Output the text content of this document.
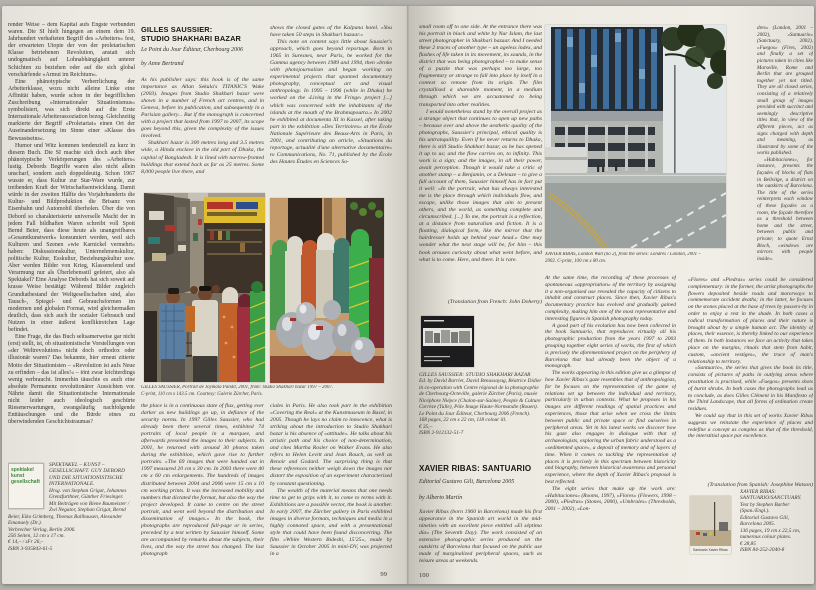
render Weise – dem Kapital aufs Engste verbunden waren. Die SI hielt hingegen an einem dem 19. Jahrhundert verhafteten Begriff des »Arbeiters« fest, der erwarteten Utopie der von der proletarischen Klasse betriebenen Revolution, anstatt sich undogmatisch auf Lohnabhängigkeit unterer Schichten zu beziehen oder auf die sich global verschärfende »Armut im Reichtum«.

Eine phänotypische Verherrlichung der Arbeiterklasse, wozu nicht alleine Linke eine Affinität haben, wurde schon in der begrifflichen Zuschreibung »Internationaler Situationismus« symbolisiert, was sich direkt auf die Erste Internationale Arbeiterassoziation bezog. Gleichzeitig markierte der Begriff »Proletariat« einen Ort der Auseinandersetzung im Sinne einer »Klasse des Bewusstseins«.

Humor und Witz kommen tendenziell zu kurz in diesem Buch. Die SI machte sich doch auch über phänotypische Verkörperungen des »Arbeiters« lustig. Debords Begriffe waren also nicht allein unscharf, sondern auch doppeldeutig. Schon 1967 wusste er, dass Kultur zur Star-Ware wurde, zur treibenden Kraft der Wirtschaftsentwicklung. Damit würde in der zweiten Hälfte des Vorjahrhunderts die Kultur- und Bildproduktion die Brisanz von Eisenbahn und Automobil überholen. Über die von Debord so charakterisierte universelle Macht der in jedem Fall bildhaften Waren schreibt voll Spott Bernd Beier, dass diese heute als unangreifbares »Gesamtkunstwerk« konsumiert werden, weil sich Kulturen und Szenen »wie Karnickel vermehrt« haben: Diskussionskultur, Unternehmenskultur, politische Kultur, Esskultur, Beziehungskultur usw. Aber werden Bilder von Krieg, Klassenelend und Verarmung nur als Überlebensstil gefeiert, also als Spektakel? Eine Analyse Debords hat sich soweit auf krasse Weise bestätigt: Während Bilder zugleich Grundtatbestand der Weltgesellschaften sind, also Tausch-, Spiegel- und Gebrauchsformen im modernen und globalen Format, wird gleichermaßen deutlich, dass sich auch ihr sozialer Gebrauch und Nutzen in einer äußerst konfliktreichen Lage befindet.

Eine Frage, die das Buch seltsamerweise gar nicht (erst) stellt, ist, ob situationistische Vorstellungen von »der Weltrevolution« nicht doch orthodox oder illusionär waren? Das bekannte, hier erneut zitierte Motto der Situationisten – »Revolution ist aufs Neue zu erfinden – das ist alles!« – tönt zwar leichterdings wenig verbraucht. Immerhin täuschte es auch eine absolute Permanenz revolutionärer Aussichten vor. Nährte damit die Situationistische Internationale nicht leider auch ideologisch geschürte Riesenerwartungen, zwangsläufig nachfolgende Enttäuschungen und die Bürde eines zu überwindenden Geschichtstraumas?

spektakel
kunst
gesellschaft
SPEKTAKEL – KUNST – GESELLSCHAFT. GUY DEBORD UND DIE SITUATIONISTISCHE INTERNATIONALE.
Hrsg. von Stephan Grigat, Johannes Grenzfurthner, Günther Friesinger.
Mit Beiträgen von Biene Baumeister / Zwi Negator, Stephan Grigat, Bernd Beier, Eiko Grimberg, Thomas Ballhausen, Alexander Emanuely (Dr.).
Verbrecher Verlag, Berlin 2006.
256 Seiten, 12 cm x 17 cm.
€ 14,– / sFr 26,–
ISBN 3-935843-61-5
GILLES SAUSSIER:
STUDIO SHAKHARI BAZAR
Le Point du Jour Éditeur, Cherbourg 2006
by Anne Bertrand

As his publisher says: this book is of the same importance as Allan Sekula's TITANIC'S Wake (2003). Images from Studio Shakhari bazar were shown in a number of French art centres, and in Geneva, before its publication, and subsequently in a Parisian gallery... But if the monograph is concerned with a project that lasted from 1997 to 2007, its scope goes beyond this, given the complexity of the issues involved.

Shakhari bazar is 300 metres long and 3.5 metres wide, a Hindu enclave in the old part of Dhaka, the capital of Bangladesh. It is lined with narrow-fronted buildings that extend back as far as 25 metres. Some 8,000 people live there, and

GILLES SAUSSIER, Portrait de Joymala Pandit, 2001, from: Studio Shakhari bazar 1997 – 2007.
C-print, 110 cm x 143.5 cm. Courtesy: Galerie Zürcher, Paris.

the place is in a continuous state of flux, getting ever darker as new buildings go up, in defiance of the security norms. In 1997 Gilles Saussier, who had already been there several times, exhibited 74 portraits of local people in a marquee, and afterwards presented the images to their subjects. In 2001, he returned with around 30 photos taken during the exhibition, which gave rise to further portraits. »The 69 images that were handed out in 1997 measured 20 cm x 30 cm. In 2003 there were 40 cm x 60 cm enlargements. The hundreds of images distributed between 2004 and 2006 were 15 cm x 10 cm working prints. It was the increased mobility and numbers that dictated the format, but also the way the project developed. It came to centre on the street portrait, and went well beyond the distribution and dissemination of images.« In the book, the photographs are reproduced full-page or in series, preceded by a text written by Saussier himself. Some are accompanied by remarks about the subjects, their lives, and the way the street has changed. The last photograph

shows the closed gates of the Kalpana hotel. »You have taken 50 steps in Shakhari bazaar.«

This note on content says little about Saussier's approach, which goes beyond reportage. Born in 1965 in Suresnes, near Paris, he worked for the Gamma agency between 1989 and 1994, then »broke with photojournalism and began working on experimental projects that spanned documentary photography, conceptual art and visual anthropology. In 1995 – 1996 (while in Dhaka) he worked on the ›Living in the Fringe‹ project [...] which was concerned with the inhabitants of the islands at the mouth of the Brahmapoutra.« In 2002 he exhibited at documenta XI in Kassel, after taking part in the exhibition »Des Territoires« at the École Nationale Supérieure des Beaux-Arts in Paris, in 2001, and contributing an article, »Situations du reportage, actualité d'une alternative documentaire« to Communications, No. 71, published by the École des Hautes Études en Sciences So-

ciales in Paris. He also took part in the exhibition »Covering the Real« at the Kunstmuseum in Basel, in 2005. Though he lays no claim to innocence, what is striking about the introduction to Studio Shakhari bazar is his absence of »attitude«. He talks about his artistic path and his choice of non-determination, and cites Martha Rosler on Walker Evans. He also refers to Helen Levitt and Jean Rouch, as well as Renoir and Godard. The surprising thing is that these references neither weigh down the images nor distort the exposition of an experiment characterised by constant questioning.

The wealth of the material means that one needs time to get to grips with it, to come to terms with it. Exhibitions are a possible vector, the book is another. In early 2007, the Zürcher gallery in Paris exhibited images in diverse formats, techniques and media in a highly connoted space, and with a presentational style that could have been found disconcerting. The film »White Western Bideshi, 15'25«, made by Saussier in October 2005 in mini-DV, was projected in a

99

small room off to one side. At the entrance there was his portrait in black and white by Nur Islam, the last street photographer in Shakhari bazaar. And I needed these 2 traces of another type – an ageless index, and flashes of life taken in its movement, its sounds, in the district that was being photographed – to make sense of a puzzle that was perhaps too large, too fragmentary or strange to fall into place by itself in a context so remote from its origin. The film crystallised a shareable moment, in a medium through which we are accustomed to being transported into other realities.

I would nonetheless stand by the overall project as a strange object that continues to open up new paths – because over and above the aesthetic quality of the photographs, Saussier's principal, ethical quality is his untranquillity. Even if he never returns to Dhaka, there is still Studio Shakhari bazar, as he has opened it up to us; and the flow carries on, to infinity. This work is a sign; and the images, in all their power, await perception. Though it would take a critic of another stamp – a Benjamin, or a Deleuze – to give a full account of them, Saussier himself has in fact put it well: »In the portrait, what has always interested me is the place through which individuals flow, and escape, unlike those images that aim to present others, and the world, as something complete and circumscribed. [...] To me, the portrait is a reflection, at a distance from naturalism and fiction. It is a floating, dialogical form, like the mirror that the hairdresser holds up behind your head.« One may wonder what the next stage will be, for him – this book arouses curiosity about what went before, and what is to come. Here, and there. It is rare.

(Translation from French: John Doherty)
GILLES SAUSSIER: STUDIO SHAKHARI BAZAR
Ed. by David Barriet, David Benassayag, Béatrice Didier in co-operation with Centre régional de la photographie de Cherbourg-Octeville, galerie Zürcher (Paris), musée Nicéphore Niépce (Chalon-sur-Saône), People & Culture Corrèze (Tulle), Pôle Image Haute-Normandie (Rouen).
Le Point du Jour Éditeur, Cherbourg 2006 (French).
168 pages, 22 cm x 22 cm, 118 colour ill.
€ 35,–
ISBN 2-912132-51-7
XAVIER RIBAS: SANTUARIO
Editorial Gustavo Gili, Barcelona 2005
by Alberto Martín

Xavier Ribas (born 1960 in Barcelona) made his first appearance in the Spanish art world in the mid-nineties with an excellent piece entitled »El séptimo día« (The Seventh Day). The work consisted of an extensive photographic series produced on the outskirts of Barcelona that focused on the public use made of marginalized peripheral spaces, such as leisure areas at weekends.

100
XAVIER RIBAS, London Wall (no 2), from the series: Londres / London, 2001 –
2002. C-print, 100 cm x 80 cm.

At the same time, the recording of these processes of spontaneous »appropriation« of the territory by assigning it a non-organised use revealed the capacity of citizens to inhabit and construct places. Since then, Xavier Ribas's documentary practice has evolved and gradually gained complexity, making him one of the most representative and interesting figures in Spanish photography today.

A good part of his evolution has now been collected in the book Santuario, that reproduces virtually all his photographic production from the years 1997 to 2003 grouping together eight series of works, the first of which is precisely the aforementioned project on the periphery of Barcelona that had already been the object of a monograph.

The works appearing in this edition give us a glimpse of how Xavier Ribas's gaze resembles that of anthropologists, for he focuses on the representation of the game of relations set up between the individual and territory, particularly in urban contexts. What he proposes in his images are different readings of spatial practices and experiences, those that arise when we cross the limits between public and private space or find ourselves in peripheral areas. Yet in his latest works we discover how his gaze also engages in dialogue with that of archaeologists, exploring the urban fabric understood as a »sedimented space«, a deposit of memory and of layers of time. When it comes to tackling the representation of places it is precisely in this spectrum between historicity and biography, between historical awareness and personal experience, where the depth of Xavier Ribas's proposal is best reflected.

The eight series that make up the work are: »Habitaciones« (Rooms, 1997), »Flores« (Flowers, 1998 – 2000), »Piedras« (Stones, 2000), »Umbrales« (Thresholds, 2001 – 2002), »Lon-

dres« (London, 2001 – 2002), »Santuario« (Sanctuary, 2002), »Fuegos« (Fires, 2002) and finally a set of pictures taken in cities like Marseille, Rome and Berlin that are grouped together yet not titled. They are all closed series, consisting of a relatively small group of images provided with succinct and seemingly descriptive titles that, in view of the different pieces, act as signs charged with depth and meaning, as illustrated by some of the works published.

»Habitaciones«, for instance, presents the façades of blocks of flats in Bellvitge, a district on the outskirts of Barcelona. The title of the series reinterprets each window of these façades as a room, the façade therefore as a threshold between home and the street, between public and private; to quote Ernst Bloch, »windows are mirrors with people inside«.

»Flores« and »Piedras« series could be considered complementary: in the former, the artist photographs the flowers deposited beside roads and motorways to commemorate accident deaths; in the latter, he focuses on the stones placed at the base of trees by passers-by in order to enjoy a rest in the shade. In both cases a radical transformation of places and their nature is brought about by a simple human act. The identity of places, their essence, is thereby linked to our experience of them. In both instances we face an activity that takes place on the margins, rituals that stem from habit, custom, »ancient vestiges«, the trace of man's relationship to territory.

»Santuario«, the series that gives the book its title, consists of pictures of paths in outlying areas where prostitution is practised, while »Fuegos« presents shots of burnt shrubs. In both cases the photographs lead us to conclude, as does Gilles Clément in his Manifesto of the Third Landscape, that all forms of ordination create residues.

We could say that in this set of works Xavier Ribas suggests we reinstate the experience of places and redefine a concept as complex as that of the threshold, the interstitial space par excellence.

(Translation from Spanish: Josephine Watson)
Santuario Xavier Ribas
XAVIER RIBAS:
SANTUARIO/SANCTUARY.
Text by Stephen Barber
(Span./Engl.).
Editorial Gustavo Gili,
Barcelona 2005.
136 pages, 19 cm x 22,5 cm,
numerous colour plates.
€ 28,85
ISBN 84-252-2040-8
